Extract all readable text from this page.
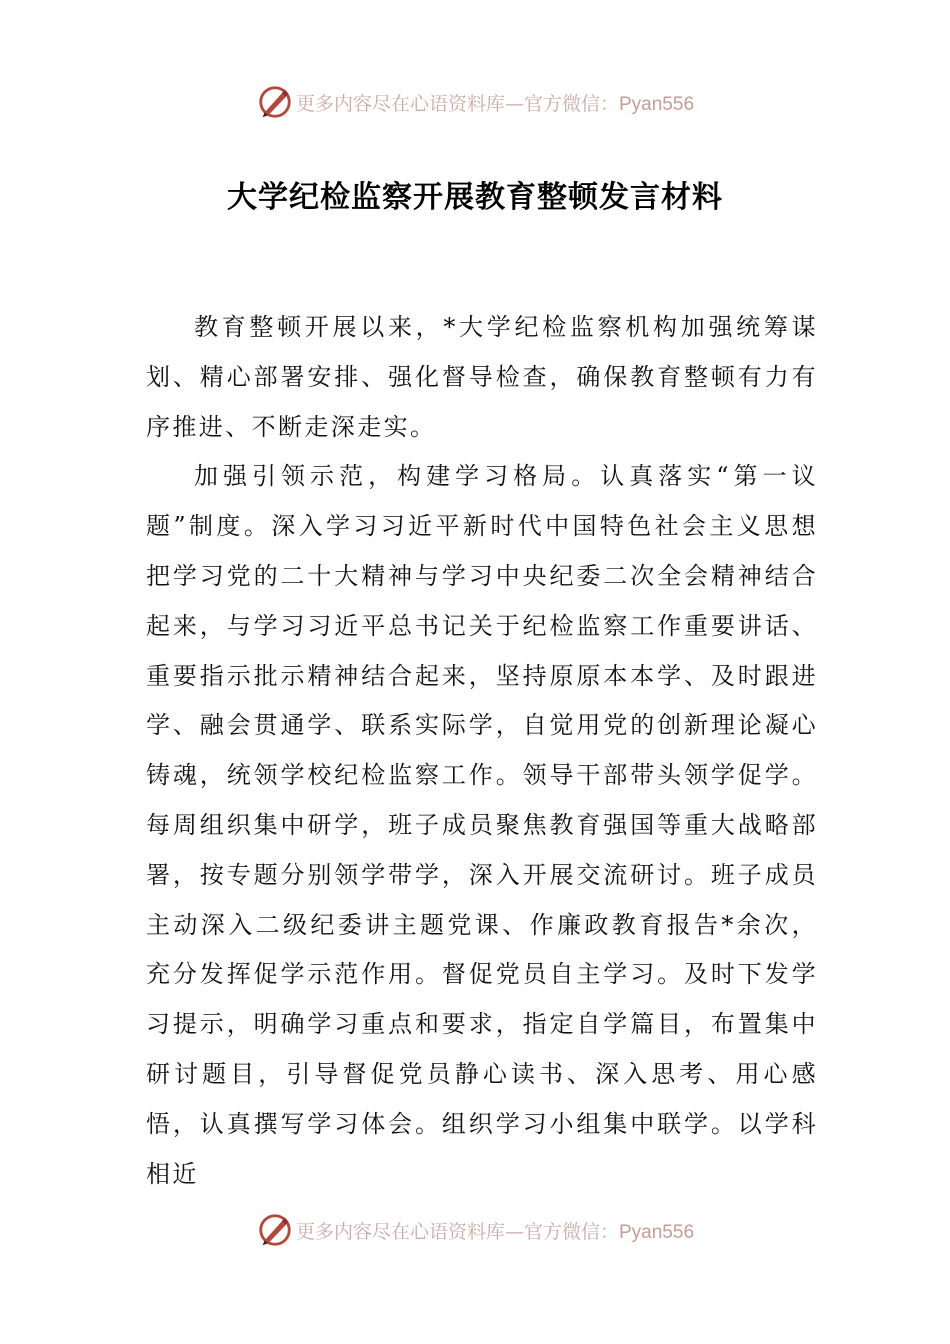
更多内容尽在心语资料库—官方微信：Pyan556
大学纪检监察开展教育整顿发言材料

教育整顿开展以来，*大学纪检监察机构加强统筹谋划、精心部署安排、强化督导检查，确保教育整顿有力有序推进、不断走深走实。

加强引领示范，构建学习格局。认真落实“第一议题”制度。深入学习习近平新时代中国特色社会主义思想把学习党的二十大精神与学习中央纪委二次全会精神结合起来，与学习习近平总书记关于纪检监察工作重要讲话、重要指示批示精神结合起来，坚持原原本本学、及时跟进学、融会贯通学、联系实际学，自觉用党的创新理论凝心铸魂，统领学校纪检监察工作。领导干部带头领学促学。每周组织集中研学，班子成员聚焦教育强国等重大战略部署，按专题分别领学带学，深入开展交流研讨。班子成员主动深入二级纪委讲主题党课、作廉政教育报告*余次，充分发挥促学示范作用。督促党员自主学习。及时下发学习提示，明确学习重点和要求，指定自学篇目，布置集中研讨题目，引导督促党员静心读书、深入思考、用心感悟，认真撰写学习体会。组织学习小组集中联学。以学科相近

更多内容尽在心语资料库—官方微信：Pyan556
